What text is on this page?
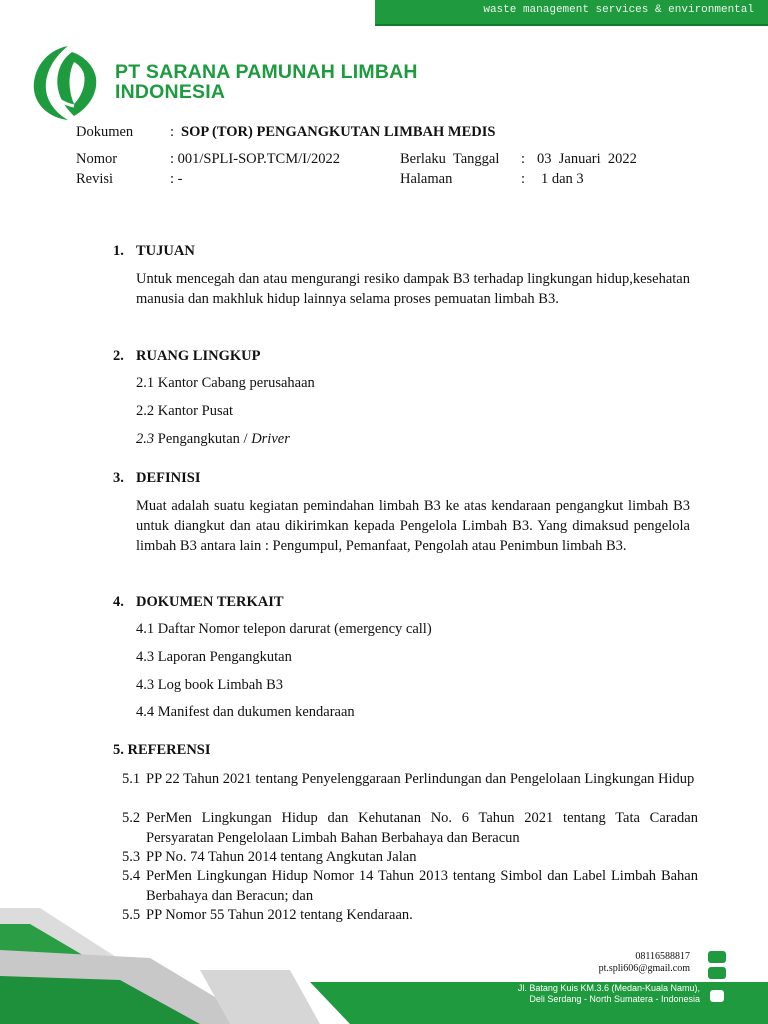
waste management services & environmental
PT SARANA PAMUNAH LIMBAH
INDONESIA
Dokumen	: SOP (TOR) PENGANGKUTAN LIMBAH MEDIS
Nomor	: 001/SPLI-SOP.TCM/I/2022	Berlaku  Tanggal : 03  Januari  2022
Revisi	: -	Halaman	: 1 dan 3
1. TUJUAN
Untuk mencegah dan atau mengurangi resiko dampak B3 terhadap lingkungan hidup,kesehatan manusia dan makhluk hidup lainnya selama proses pemuatan limbah B3.
2. RUANG LINGKUP
2.1 Kantor Cabang perusahaan
2.2 Kantor Pusat
2.3 Pengangkutan / Driver
3. DEFINISI
Muat adalah suatu kegiatan pemindahan limbah B3 ke atas kendaraan pengangkut limbah B3 untuk diangkut dan atau dikirimkan kepada Pengelola Limbah B3. Yang dimaksud pengelola limbah B3 antara lain : Pengumpul, Pemanfaat, Pengolah atau Penimbun limbah B3.
4. DOKUMEN TERKAIT
4.1 Daftar Nomor telepon darurat (emergency call)
4.3 Laporan Pengangkutan
4.3 Log book Limbah B3
4.4 Manifest dan dukumen kendaraan
5. REFERENSI
5.1 PP 22 Tahun 2021 tentang Penyelenggaraan Perlindungan dan Pengelolaan Lingkungan Hidup
5.2 PerMen Lingkungan Hidup dan Kehutanan No. 6 Tahun 2021 tentang Tata Caradan Persyaratan Pengelolaan Limbah Bahan Berbahaya dan Beracun
5.3 PP No. 74 Tahun 2014 tentang Angkutan Jalan
5.4 PerMen Lingkungan Hidup Nomor 14 Tahun 2013 tentang Simbol dan Label Limbah Bahan Berbahaya dan Beracun; dan
5.5 PP Nomor 55 Tahun 2012 tentang Kendaraan.
08116588817
pt.spli606@gmail.com
Jl. Batang Kuis KM.3.6 (Medan-Kuala Namu),
Deli Serdang - North Sumatera - Indonesia
